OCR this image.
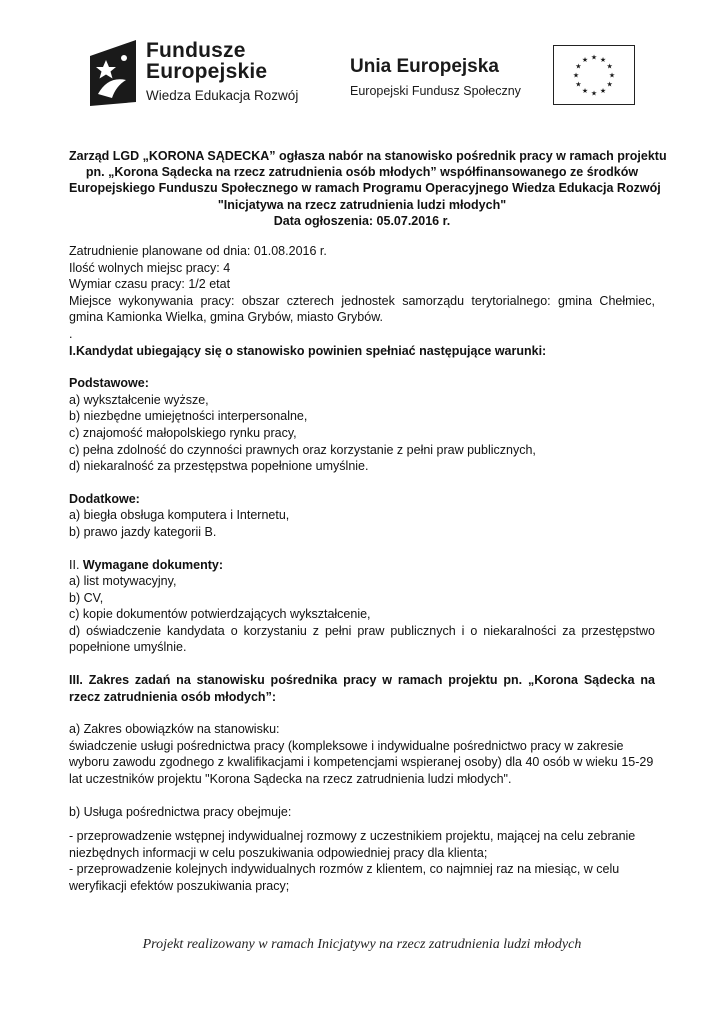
Fundusze
Europejskie
Wiedza Edukacja Rozwój
Unia Europejska
Europejski Fundusz Społeczny
★ ★
★
★
★
★
★
★
★
★
★
★
Zarząd LGD „KORONA SĄDECKA” ogłasza nabór na stanowisko pośrednik pracy w ramach projektu
pn. „Korona Sądecka na rzecz zatrudnienia osób młodych” współfinansowanego ze środków
Europejskiego Funduszu Społecznego w ramach Programu Operacyjnego Wiedza Edukacja Rozwój
"Inicjatywa na rzecz zatrudnienia ludzi młodych"
Data ogłoszenia: 05.07.2016 r.

Zatrudnienie planowane od dnia: 01.08.2016 r.

Ilość wolnych miejsc pracy: 4

Wymiar czasu pracy: 1/2 etat

Miejsce wykonywania pracy: obszar czterech jednostek samorządu terytorialnego: gmina Chełmiec, gmina Kamionka Wielka, gmina Grybów, miasto Grybów.

.

I.Kandydat ubiegający się o stanowisko powinien spełniać następujące warunki:

Podstawowe:

a) wykształcenie wyższe,

b) niezbędne umiejętności interpersonalne,

c) znajomość małopolskiego rynku pracy,

c) pełna zdolność do czynności prawnych oraz korzystanie z pełni praw publicznych,

d) niekaralność za przestępstwa popełnione umyślnie.

Dodatkowe:

a) biegła obsługa komputera i Internetu,

b) prawo jazdy kategorii B.

II. Wymagane dokumenty:

a) list motywacyjny,

b) CV,

c) kopie dokumentów potwierdzających wykształcenie,

d) oświadczenie kandydata o korzystaniu z pełni praw publicznych i o niekaralności za przestępstwo popełnione umyślnie.

III. Zakres zadań na stanowisku pośrednika pracy w ramach projektu pn. „Korona Sądecka na rzecz zatrudnienia osób młodych”:

a) Zakres obowiązków na stanowisku:

świadczenie usługi pośrednictwa pracy (kompleksowe i indywidualne pośrednictwo pracy w zakresie wyboru zawodu zgodnego z kwalifikacjami i kompetencjami wspieranej osoby) dla 40 osób w wieku 15-29 lat uczestników projektu "Korona Sądecka na rzecz zatrudnienia ludzi młodych".

b) Usługa pośrednictwa pracy obejmuje:

- przeprowadzenie wstępnej indywidualnej rozmowy z uczestnikiem projektu, mającej na celu zebranie niezbędnych informacji w celu poszukiwania odpowiedniej pracy dla klienta;

- przeprowadzenie kolejnych indywidualnych rozmów z klientem, co najmniej raz na miesiąc, w celu weryfikacji efektów poszukiwania pracy;

Projekt realizowany w ramach Inicjatywy na rzecz zatrudnienia ludzi młodych
